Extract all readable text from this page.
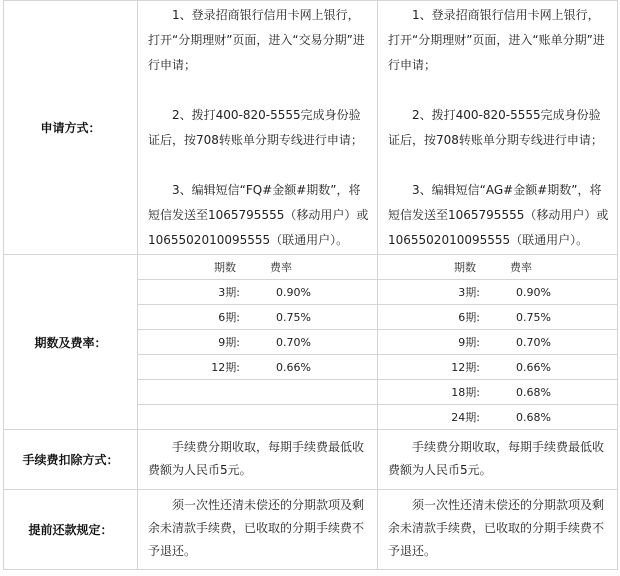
申请方式：	

1、登录招商银行信用卡网上银行，打开“分期理财”页面，进入“交易分期”进行申请；

2、拨打400-820-5555完成身份验证后，按708转账单分期专线进行申请；

3、编辑短信“FQ#金额#期数”，将短信发送至1065795555（移动用户）或1065502010095555（联通用户）。

1、登录招商银行信用卡网上银行，打开“分期理财”页面，进入“账单分期”进行申请；

2、拨打400-820-5555完成身份验证后，按708转账单分期专线进行申请；

3、编辑短信“AG#金额#期数”，将短信发送至1065795555（移动用户）或1065502010095555（联通用户）。

期数及费率：	
期数	费率
3期:	0.90%
6期:	0.75%
9期:	0.70%
12期:	0.66%

期数	费率
3期:	0.90%
6期:	0.75%
9期:	0.70%
12期:	0.66%
18期:	0.68%
24期:	0.68%

手续费扣除方式：	

手续费分期收取，每期手续费最低收费额为人民币5元。

手续费分期收取，每期手续费最低收费额为人民币5元。

提前还款规定：	

须一次性还清未偿还的分期款项及剩余未清款手续费，已收取的分期手续费不予退还。

须一次性还清未偿还的分期款项及剩余未清款手续费，已收取的分期手续费不予退还。
